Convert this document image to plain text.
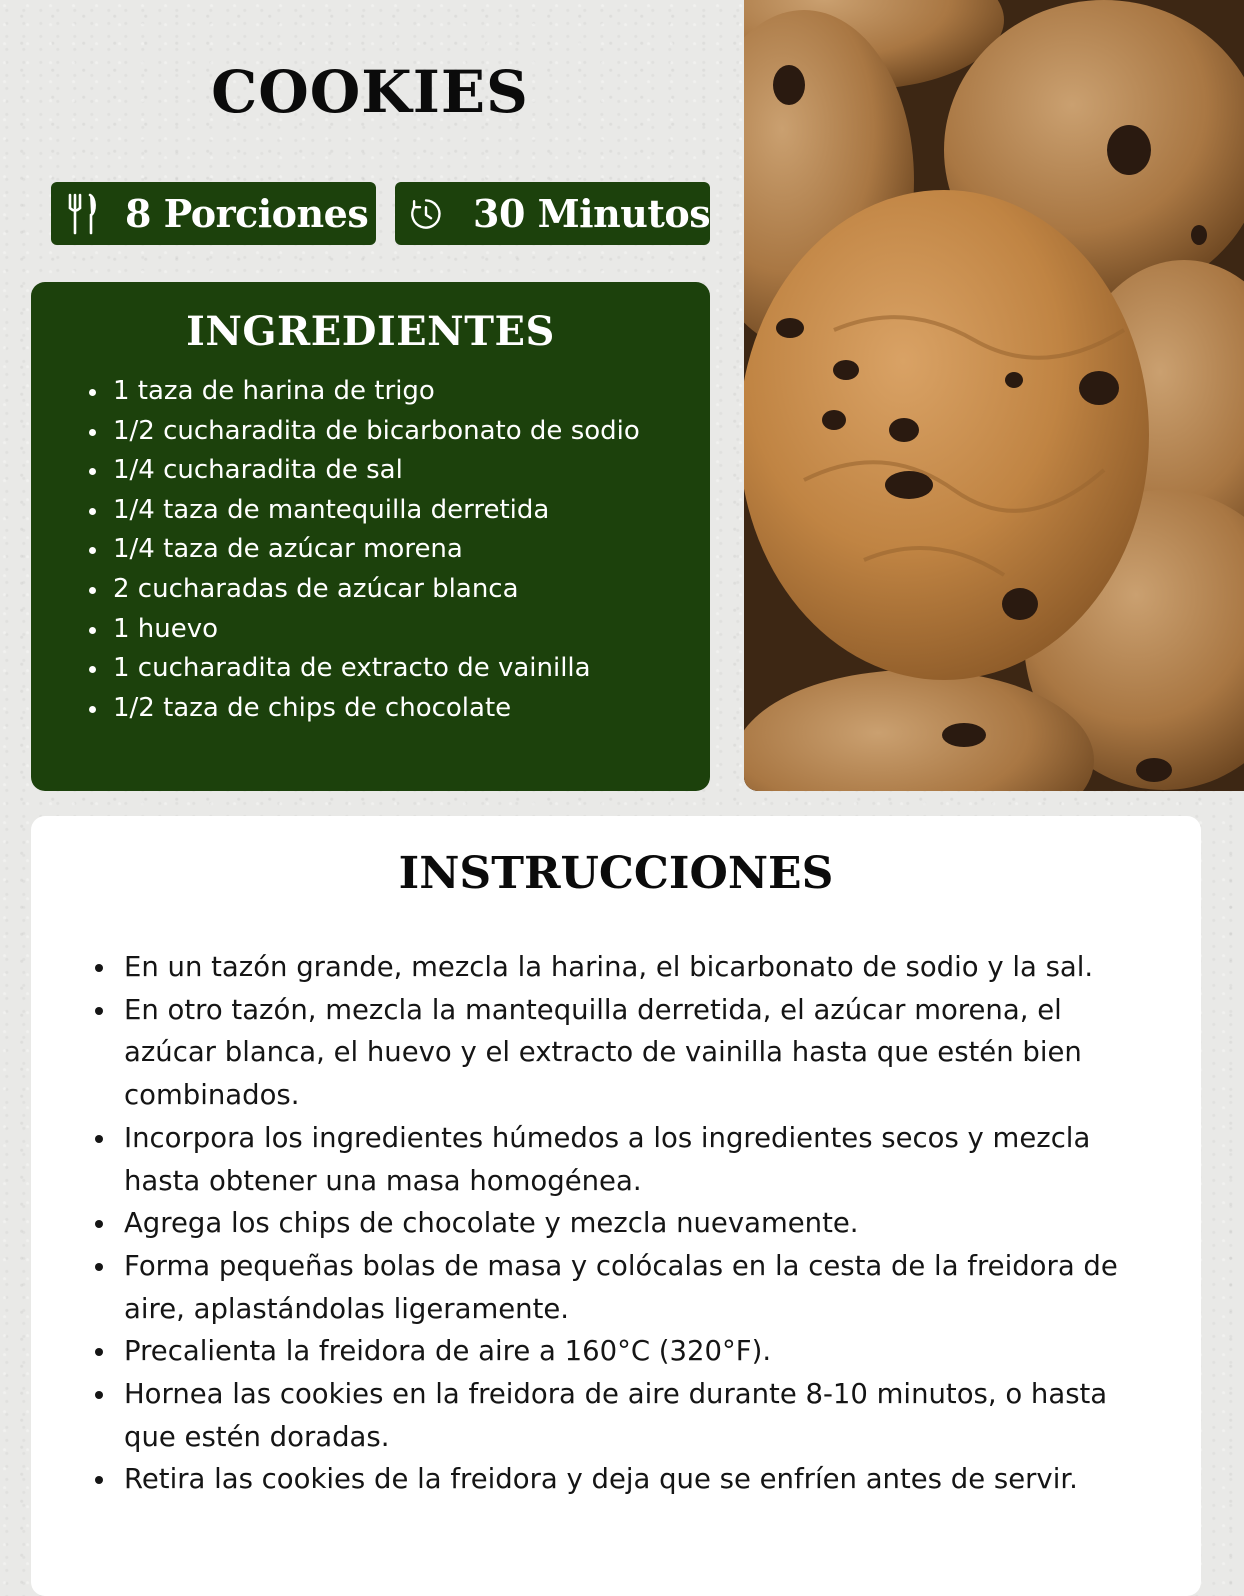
COOKIES
8 Porciones	30 Minutos
INGREDIENTES
1 taza de harina de trigo
1/2 cucharadita de bicarbonato de sodio
1/4 cucharadita de sal
1/4 taza de mantequilla derretida
1/4 taza de azúcar morena
2 cucharadas de azúcar blanca
1 huevo
1 cucharadita de extracto de vainilla
1/2 taza de chips de chocolate
INSTRUCCIONES
En un tazón grande, mezcla la harina, el bicarbonato de sodio y la sal.
En otro tazón, mezcla la mantequilla derretida, el azúcar morena, el azúcar blanca, el huevo y el extracto de vainilla hasta que estén bien combinados.
Incorpora los ingredientes húmedos a los ingredientes secos y mezcla hasta obtener una masa homogénea.
Agrega los chips de chocolate y mezcla nuevamente.
Forma pequeñas bolas de masa y colócalas en la cesta de la freidora de aire, aplastándolas ligeramente.
Precalienta la freidora de aire a 160°C (320°F).
Hornea las cookies en la freidora de aire durante 8-10 minutos, o hasta que estén doradas.
Retira las cookies de la freidora y deja que se enfríen antes de servir.
